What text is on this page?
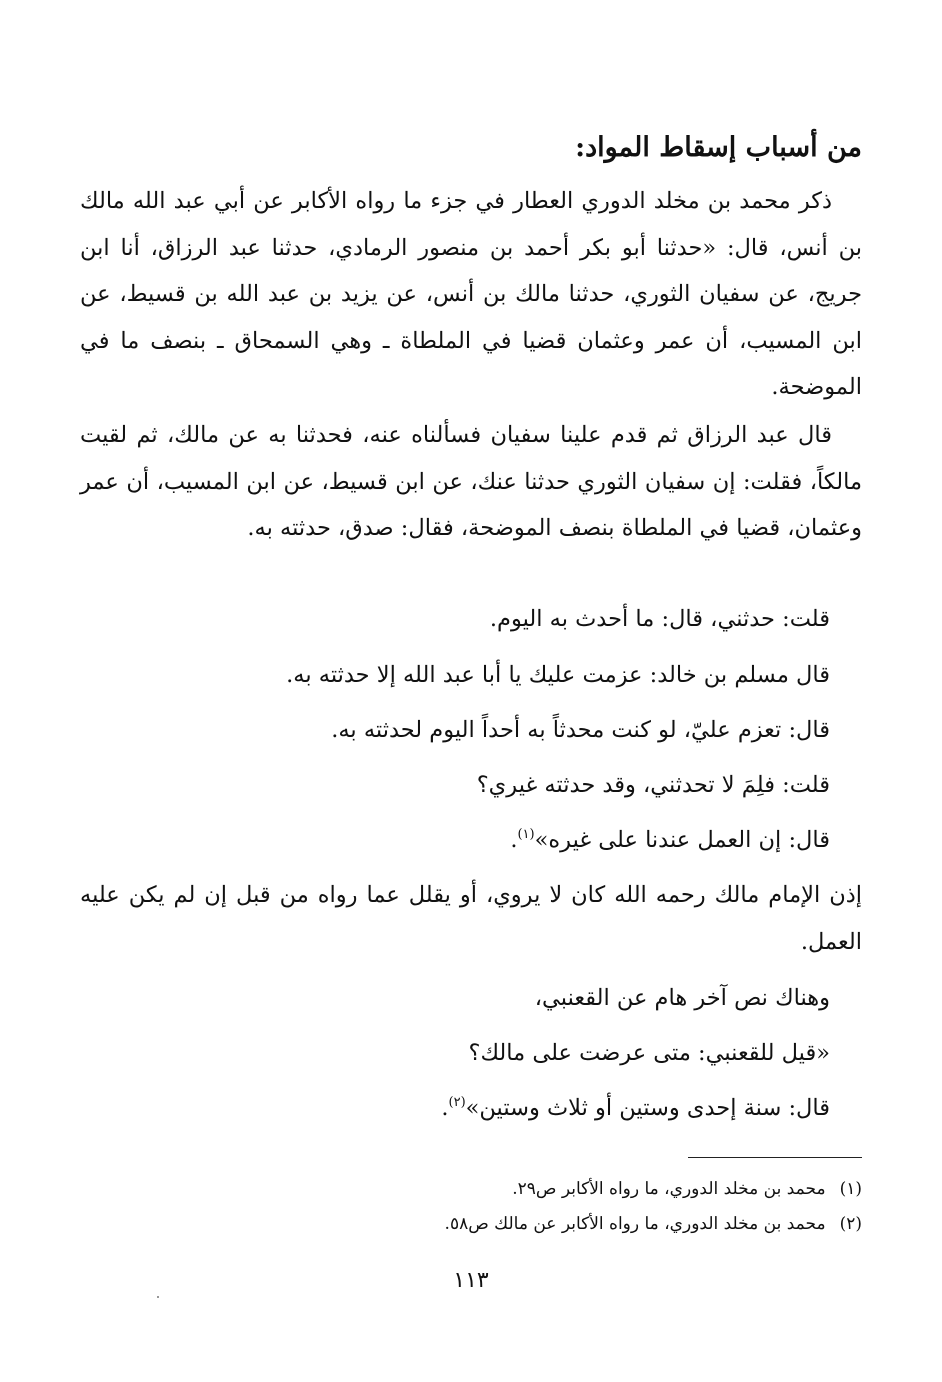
من أسباب إسقاط المواد:

ذكر محمد بن مخلد الدوري العطار في جزء ما رواه الأكابر عن أبي عبد الله مالك بن أنس، قال: «حدثنا أبو بكر أحمد بن منصور الرمادي، حدثنا عبد الرزاق، أنا ابن جريج، عن سفيان الثوري، حدثنا مالك بن أنس، عن يزيد بن عبد الله بن قسيط، عن ابن المسيب، أن عمر وعثمان قضيا في الملطاة ـ وهي السمحاق ـ بنصف ما في الموضحة.

قال عبد الرزاق ثم قدم علينا سفيان فسألناه عنه، فحدثنا به عن مالك، ثم لقيت مالكاً، فقلت: إن سفيان الثوري حدثنا عنك، عن ابن قسيط، عن ابن المسيب، أن عمر وعثمان، قضيا في الملطاة بنصف الموضحة، فقال: صدق، حدثته به.

قلت: حدثني، قال: ما أحدث به اليوم.
قال مسلم بن خالد: عزمت عليك يا أبا عبد الله إلا حدثته به.
قال: تعزم عليّ، لو كنت محدثاً به أحداً اليوم لحدثته به.
قلت: فلِمَ لا تحدثني، وقد حدثته غيري؟
قال: إن العمل عندنا على غيره»$^{(١)}$.

إذن الإمام مالك رحمه الله كان لا يروي، أو يقلل عما رواه من قبل إن لم يكن عليه العمل.

وهناك نص آخر هام عن القعنبي،
«قيل للقعنبي: متى عرضت على مالك؟
قال: سنة إحدى وستين أو ثلاث وستين»$^{(٢)}$.
(١)محمد بن مخلد الدوري، ما رواه الأكابر ص٢٩.
(٢)محمد بن مخلد الدوري، ما رواه الأكابر عن مالك ص٥٨.
١١٣
